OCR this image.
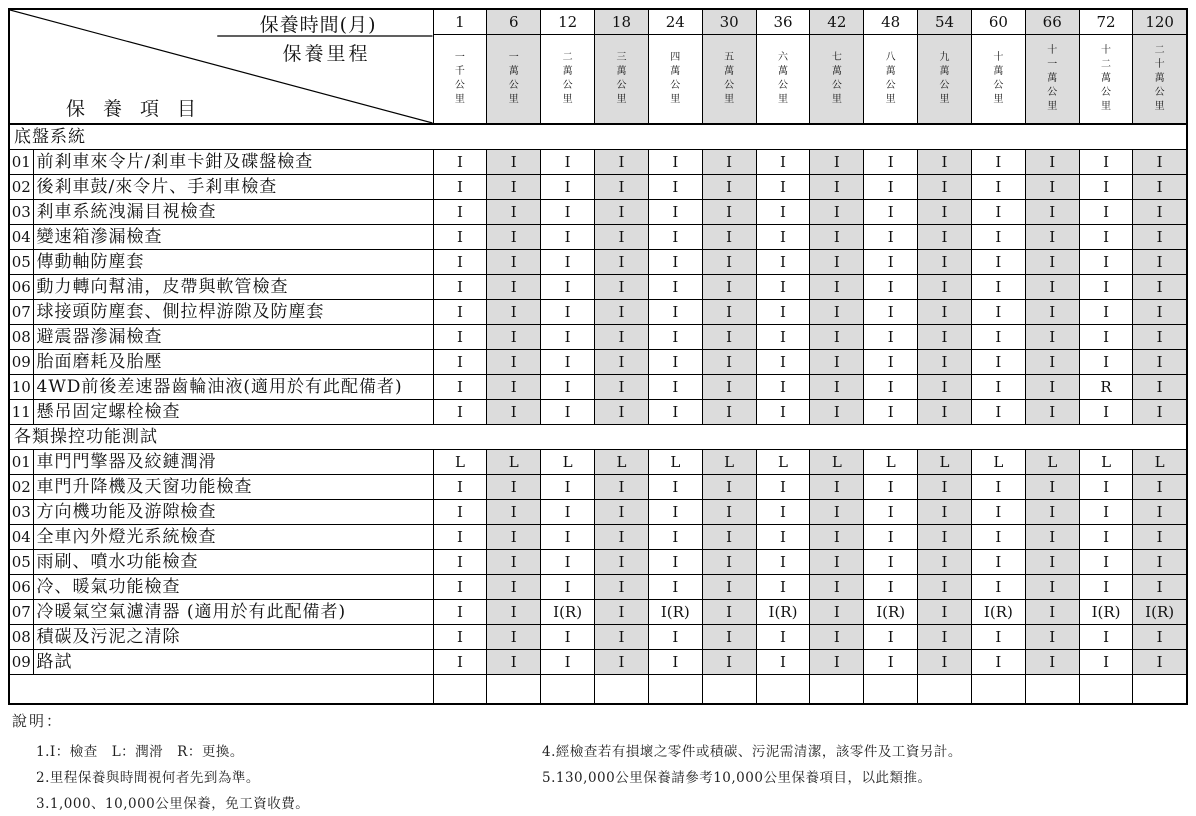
保養時間(月)
保養里程
保養項目		1	6	12	18	24	30	36	42	48	54	60	66	72	120
		一千公里	一萬公里	二萬公里	三萬公里	四萬公里	五萬公里	六萬公里	七萬公里	八萬公里	九萬公里	十萬公里	十一萬公里	十二萬公里	二十萬公里
底盤系統															
01	前剎車來令片/剎車卡鉗及碟盤檢查	I	I	I	I	I	I	I	I	I	I	I	I	I	I
02	後剎車鼓/來令片、手剎車檢查	I	I	I	I	I	I	I	I	I	I	I	I	I	I
03	剎車系統洩漏目視檢查	I	I	I	I	I	I	I	I	I	I	I	I	I	I
04	變速箱滲漏檢查	I	I	I	I	I	I	I	I	I	I	I	I	I	I
05	傳動軸防塵套	I	I	I	I	I	I	I	I	I	I	I	I	I	I
06	動力轉向幫浦，皮帶與軟管檢查	I	I	I	I	I	I	I	I	I	I	I	I	I	I
07	球接頭防塵套、側拉桿游隙及防塵套	I	I	I	I	I	I	I	I	I	I	I	I	I	I
08	避震器滲漏檢查	I	I	I	I	I	I	I	I	I	I	I	I	I	I
09	胎面磨耗及胎壓	I	I	I	I	I	I	I	I	I	I	I	I	I	I
10	4WD前後差速器齒輪油液(適用於有此配備者)	I	I	I	I	I	I	I	I	I	I	I	I	R	I
11	懸吊固定螺栓檢查	I	I	I	I	I	I	I	I	I	I	I	I	I	I
各類操控功能測試															
01	車門門擎器及絞鏈潤滑	L	L	L	L	L	L	L	L	L	L	L	L	L	L
02	車門升降機及天窗功能檢查	I	I	I	I	I	I	I	I	I	I	I	I	I	I
03	方向機功能及游隙檢查	I	I	I	I	I	I	I	I	I	I	I	I	I	I
04	全車內外燈光系統檢查	I	I	I	I	I	I	I	I	I	I	I	I	I	I
05	雨刷、噴水功能檢查	I	I	I	I	I	I	I	I	I	I	I	I	I	I
06	冷、暖氣功能檢查	I	I	I	I	I	I	I	I	I	I	I	I	I	I
07	冷暖氣空氣濾清器 (適用於有此配備者)	I	I	I(R)	I	I(R)	I	I(R)	I	I(R)	I	I(R)	I	I(R)	I(R)
08	積碳及污泥之清除	I	I	I	I	I	I	I	I	I	I	I	I	I	I
09	路試	I	I	I	I	I	I	I	I	I	I	I	I	I	I

說明：
1.I：檢查　L：潤滑　R：更換。
2.里程保養與時間視何者先到為準。
3.1,000、10,000公里保養，免工資收費。
4.經檢查若有損壞之零件或積碳、污泥需清潔，該零件及工資另計。
5.130,000公里保養請參考10,000公里保養項目，以此類推。
